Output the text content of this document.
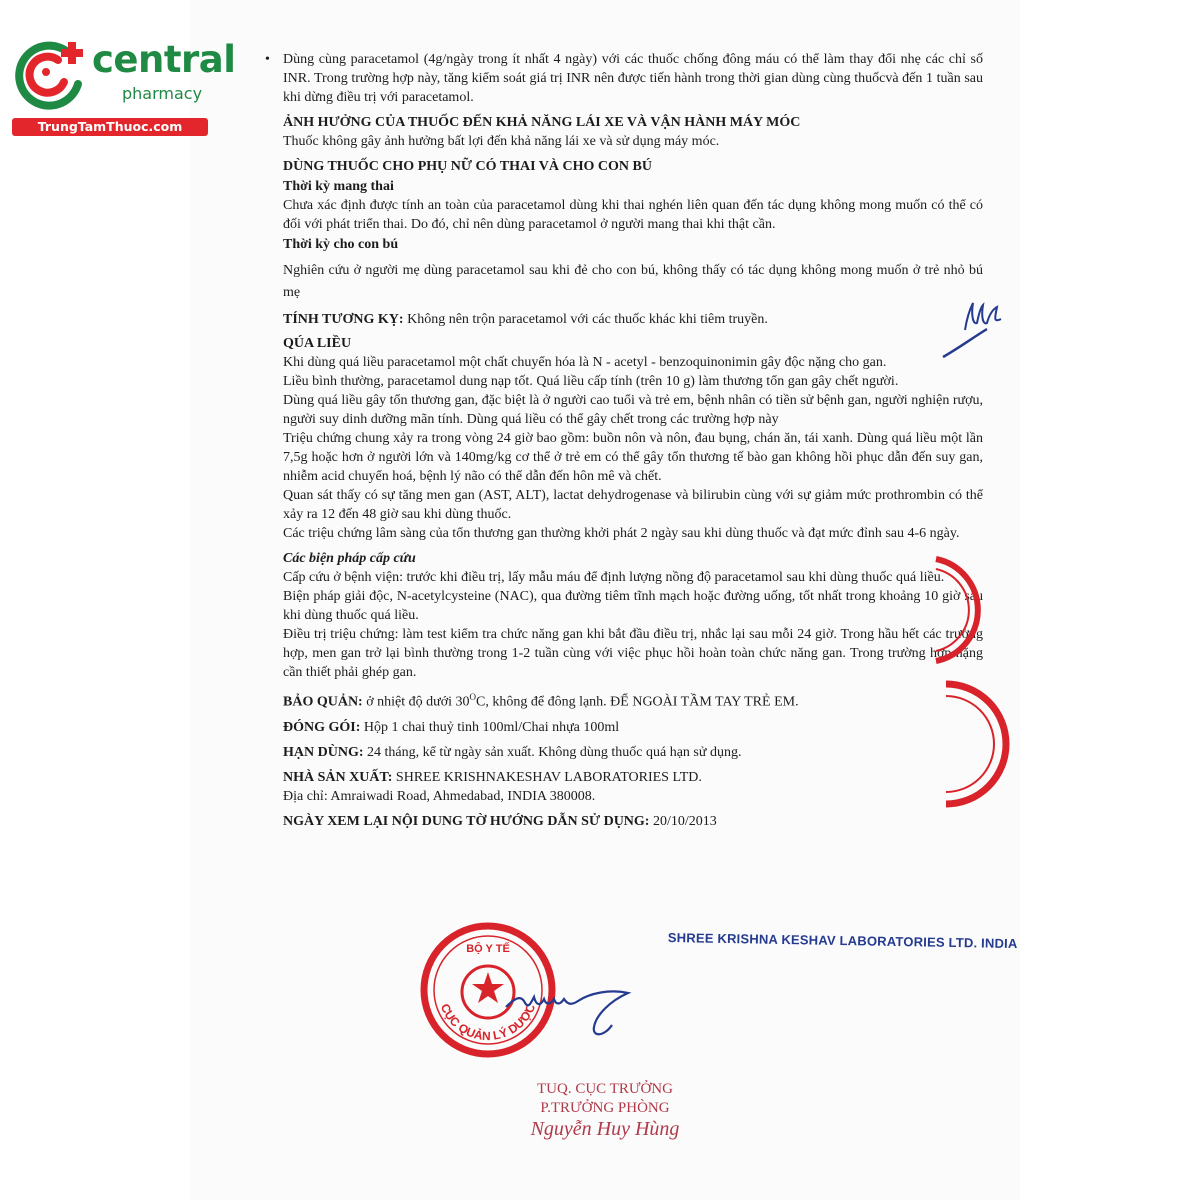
central
pharmacy
TrungTamThuoc.com

• Dùng cùng paracetamol (4g/ngày trong ít nhất 4 ngày) với các thuốc chống đông máu có thể làm thay đổi nhẹ các chỉ số INR. Trong trường hợp này, tăng kiểm soát giá trị INR nên được tiến hành trong thời gian dùng cùng thuốcvà đến 1 tuần sau khi dừng điều trị với paracetamol.

ẢNH HƯỞNG CỦA THUỐC ĐẾN KHẢ NĂNG LÁI XE VÀ VẬN HÀNH MÁY MÓC

Thuốc không gây ảnh hưởng bất lợi đến khả năng lái xe và sử dụng máy móc.

DÙNG THUỐC CHO PHỤ NỮ CÓ THAI VÀ CHO CON BÚ

Thời kỳ mang thai

Chưa xác định được tính an toàn của paracetamol dùng khi thai nghén liên quan đến tác dụng không mong muốn có thể có đối với phát triển thai. Do đó, chỉ nên dùng paracetamol ở người mang thai khi thật cần.

Thời kỳ cho con bú

Nghiên cứu ở người mẹ dùng paracetamol sau khi đẻ cho con bú, không thấy có tác dụng không mong muốn ở trẻ nhỏ bú mẹ

TÍNH TƯƠNG KỴ: Không nên trộn paracetamol với các thuốc khác khi tiêm truyền.

QÚA LIỀU

Khi dùng quá liều paracetamol một chất chuyển hóa là N - acetyl - benzoquinonimin gây độc nặng cho gan.

Liều bình thường, paracetamol dung nạp tốt. Quá liều cấp tính (trên 10 g) làm thương tổn gan gây chết người.

Dùng quá liều gây tổn thương gan, đặc biệt là ở người cao tuổi và trẻ em, bệnh nhân có tiền sử bệnh gan, người nghiện rượu, người suy dinh dưỡng mãn tính. Dùng quá liều có thể gây chết trong các trường hợp này

Triệu chứng chung xảy ra trong vòng 24 giờ bao gồm: buồn nôn và nôn, đau bụng, chán ăn, tái xanh. Dùng quá liều một lần 7,5g hoặc hơn ở người lớn và 140mg/kg cơ thể ở trẻ em có thể gây tổn thương tế bào gan không hồi phục dẫn đến suy gan, nhiễm acid chuyển hoá, bệnh lý não có thể dẫn đến hôn mê và chết.

Quan sát thấy có sự tăng men gan (AST, ALT), lactat dehydrogenase và bilirubin cùng với sự giảm mức prothrombin có thể xảy ra 12 đến 48 giờ sau khi dùng thuốc.

Các triệu chứng lâm sàng của tổn thương gan thường khởi phát 2 ngày sau khi dùng thuốc và đạt mức đỉnh sau 4-6 ngày.

Các biện pháp cấp cứu

Cấp cứu ở bệnh viện: trước khi điều trị, lấy mẫu máu để định lượng nồng độ paracetamol sau khi dùng thuốc quá liều.

Biện pháp giải độc, N-acetylcysteine (NAC), qua đường tiêm tĩnh mạch hoặc đường uống, tốt nhất trong khoảng 10 giờ sau khi dùng thuốc quá liều.

Điều trị triệu chứng: làm test kiểm tra chức năng gan khi bắt đầu điều trị, nhắc lại sau mỗi 24 giờ. Trong hầu hết các trường hợp, men gan trở lại bình thường trong 1-2 tuần cùng với việc phục hồi hoàn toàn chức năng gan. Trong trường hợp nặng cần thiết phải ghép gan.

BẢO QUẢN: ở nhiệt độ dưới $30^OC$, không để đông lạnh. ĐỂ NGOÀI TẦM TAY TRẺ EM.

ĐÓNG GÓI: Hộp 1 chai thuỷ tinh 100ml/Chai nhựa 100ml

HẠN DÙNG: 24 tháng, kể từ ngày sản xuất. Không dùng thuốc quá hạn sử dụng.

NHÀ SẢN XUẤT: SHREE KRISHNAKESHAV LABORATORIES LTD.

Địa chỉ: Amraiwadi Road, Ahmedabad, INDIA 380008.

NGÀY XEM LẠI NỘI DUNG TỜ HƯỚNG DẪN SỬ DỤNG: 20/10/2013

SHREE KRISHNA KESHAV LABORATORIES LTD. INDIA
BỘ Y TẾ
CỤC QUẢN LÝ DƯỢC
TUQ. CỤC TRƯỞNG
P.TRƯỞNG PHÒNG
Nguyễn Huy Hùng
